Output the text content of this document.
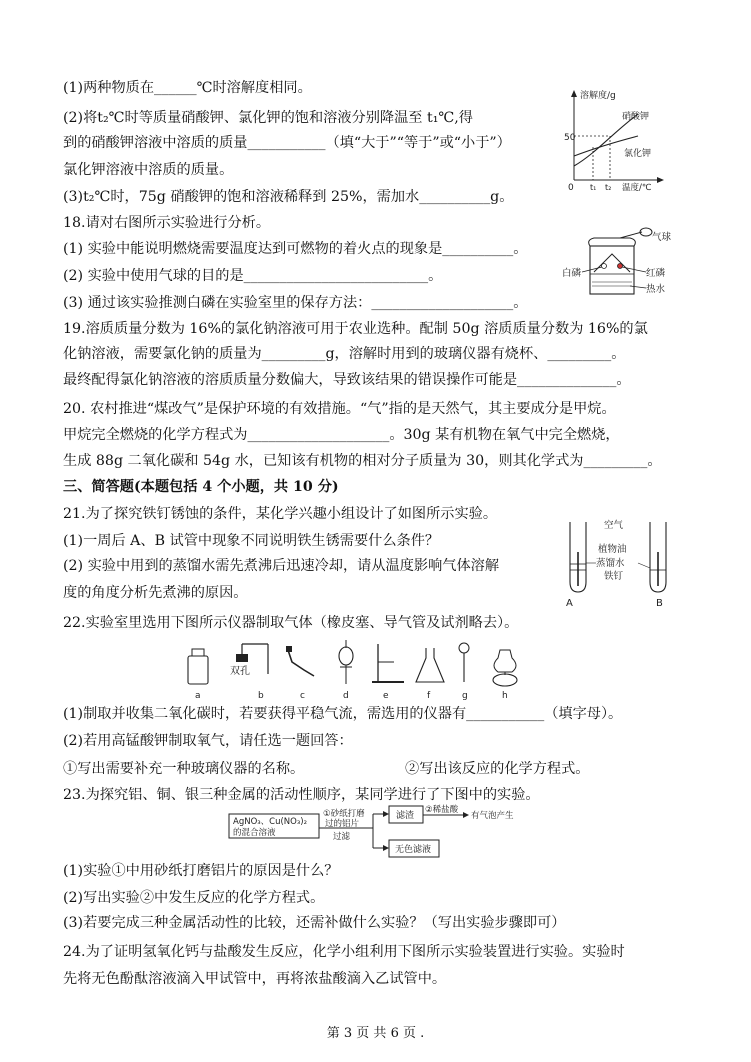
(1)两种物质在______℃时溶解度相同。
(2)将t₂℃时等质量硝酸钾、氯化钾的饱和溶液分别降温至 t₁℃,得
到的硝酸钾溶液中溶质的质量___________（填“大于”“等于”或“小于”）
氯化钾溶液中溶质的质量。
(3)t₂℃时，75g 硝酸钾的饱和溶液稀释到 25%，需加水__________g。
18.请对右图所示实验进行分析。
(1) 实验中能说明燃烧需要温度达到可燃物的着火点的现象是__________。
(2) 实验中使用气球的目的是__________________________。
(3) 通过该实验推测白磷在实验室里的保存方法：____________________。
19.溶质质量分数为 16%的氯化钠溶液可用于农业选种。配制 50g 溶质质量分数为 16%的氯
化钠溶液，需要氯化钠的质量为_________g，溶解时用到的玻璃仪器有烧杯、_________。
最终配得氯化钠溶液的溶质质量分数偏大，导致该结果的错误操作可能是______________。
20. 农村推进“煤改气”是保护环境的有效措施。“气”指的是天然气，其主要成分是甲烷。
甲烷完全燃烧的化学方程式为____________________。30g 某有机物在氧气中完全燃烧，
生成 88g 二氧化碳和 54g 水，已知该有机物的相对分子质量为 30，则其化学式为_________。
三、简答题(本题包括 4 个小题，共 10 分)
21.为了探究铁钉锈蚀的条件，某化学兴趣小组设计了如图所示实验。
(1)一周后 A、B 试管中现象不同说明铁生锈需要什么条件？
(2) 实验中用到的蒸馏水需先煮沸后迅速冷却，请从温度影响气体溶解
度的角度分析先煮沸的原因。
22.实验室里选用下图所示仪器制取气体（橡皮塞、导气管及试剂略去）。
(1)制取并收集二氧化碳时，若要获得平稳气流，需选用的仪器有___________（填字母）。
(2)若用高锰酸钾制取氧气，请任选一题回答：
①写出需要补充一种玻璃仪器的名称。	②写出该反应的化学方程式。
23.为探究铝、铜、银三种金属的活动性顺序，某同学进行了下图中的实验。
(1)实验①中用砂纸打磨铝片的原因是什么？
(2)写出实验②中发生反应的化学方程式。
(3)若要完成三种金属活动性的比较，还需补做什么实验？（写出实验步骤即可）
24.为了证明氢氧化钙与盐酸发生反应，化学小组利用下图所示实验装置进行实验。实验时
先将无色酚酞溶液滴入甲试管中，再将浓盐酸滴入乙试管中。
溶解度/g
50
0 t₁ t₂ 温度/℃
硝酸钾
氯化钾
气球
白磷	红磷
热水
空气
植物油
蒸馏水
铁钉
A	B
双孔
a	b	c	d	e	f	g	h
AgNO₃、Cu(NO₃)₂
的混合溶液
①砂纸打磨
过的铝片
过滤
滤渣
②稀盐酸
有气泡产生
无色滤液
第 3 页 共 6 页 .
